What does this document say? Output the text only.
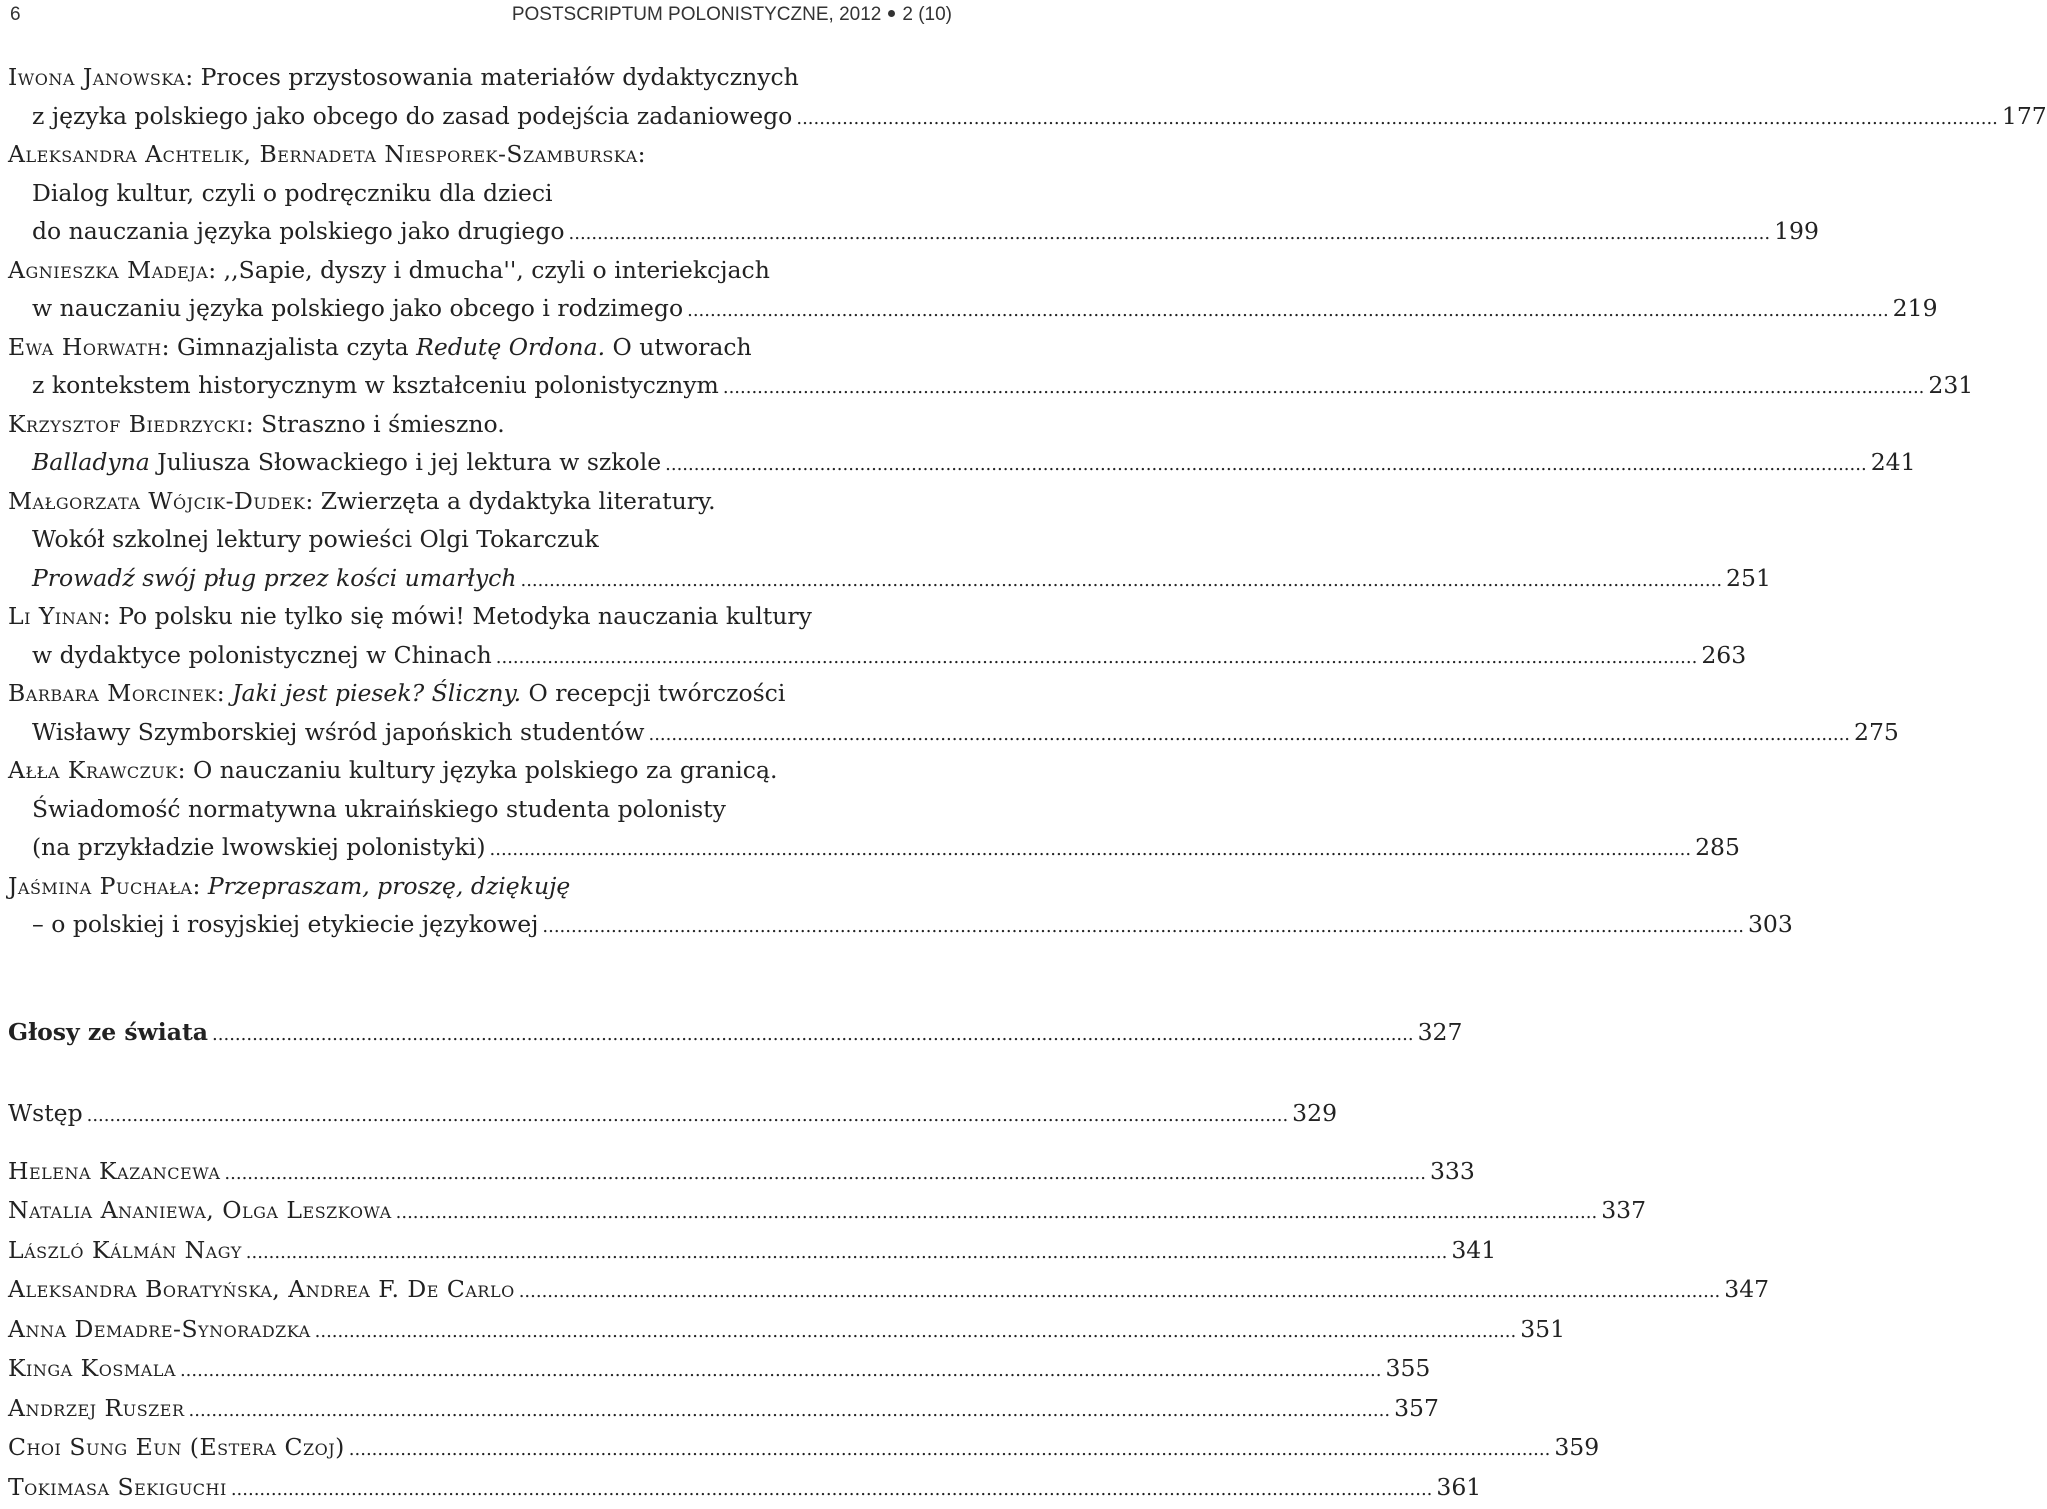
6	POSTSCRIPTUM POLONISTYCZNE, 2012 2 (10)
Iwona Janowska: Proces przystosowania materiałów dydaktycznych
z języka polskiego jako obcego do zasad podejścia zadaniowego .....	177
Aleksandra Achtelik, Bernadeta Niesporek-Szamburska:
Dialog kultur, czyli o podręczniku dla dzieci
do nauczania języka polskiego jako drugiego .....	199
Agnieszka Madeja: ,,Sapie, dyszy i dmucha'', czyli o interiekcjach
w nauczaniu języka polskiego jako obcego i rodzimego .....	219
Ewa Horwath: Gimnazjalista czyta Redutę Ordona. O utworach
z kontekstem historycznym w kształceniu polonistycznym .....	231
Krzysztof Biedrzycki: Straszno i śmieszno.
Balladyna Juliusza Słowackiego i jej lektura w szkole .....	241
Małgorzata Wójcik-Dudek: Zwierzęta a dydaktyka literatury.
Wokół szkolnej lektury powieści Olgi Tokarczuk
Prowadź swój pług przez kości umarłych .....	251
Li Yinan: Po polsku nie tylko się mówi! Metodyka nauczania kultury
w dydaktyce polonistycznej w Chinach .....	263
Barbara Morcinek: Jaki jest piesek? Śliczny. O recepcji twórczości
Wisławy Szymborskiej wśród japońskich studentów .....	275
Ałła Krawczuk: O nauczaniu kultury języka polskiego za granicą.
Świadomość normatywna ukraińskiego studenta polonisty
(na przykładzie lwowskiej polonistyki) .....	285
Jaśmina Puchała: Przepraszam, proszę, dziękuję
– o polskiej i rosyjskiej etykiecie językowej .....	303
Głosy ze świata .....	327
Wstęp .....	329
Helena Kazancewa .....	333
Natalia Ananiewa, Olga Leszkowa .....	337
László Kálmán Nagy .....	341
Aleksandra Boratyńska, Andrea F. De Carlo .....	347
Anna Demadre-Synoradzka .....	351
Kinga Kosmala .....	355
Andrzej Ruszer .....	357
Choi Sung Eun (Estera Czoj) .....	359
Tokimasa Sekiguchi .....	361
